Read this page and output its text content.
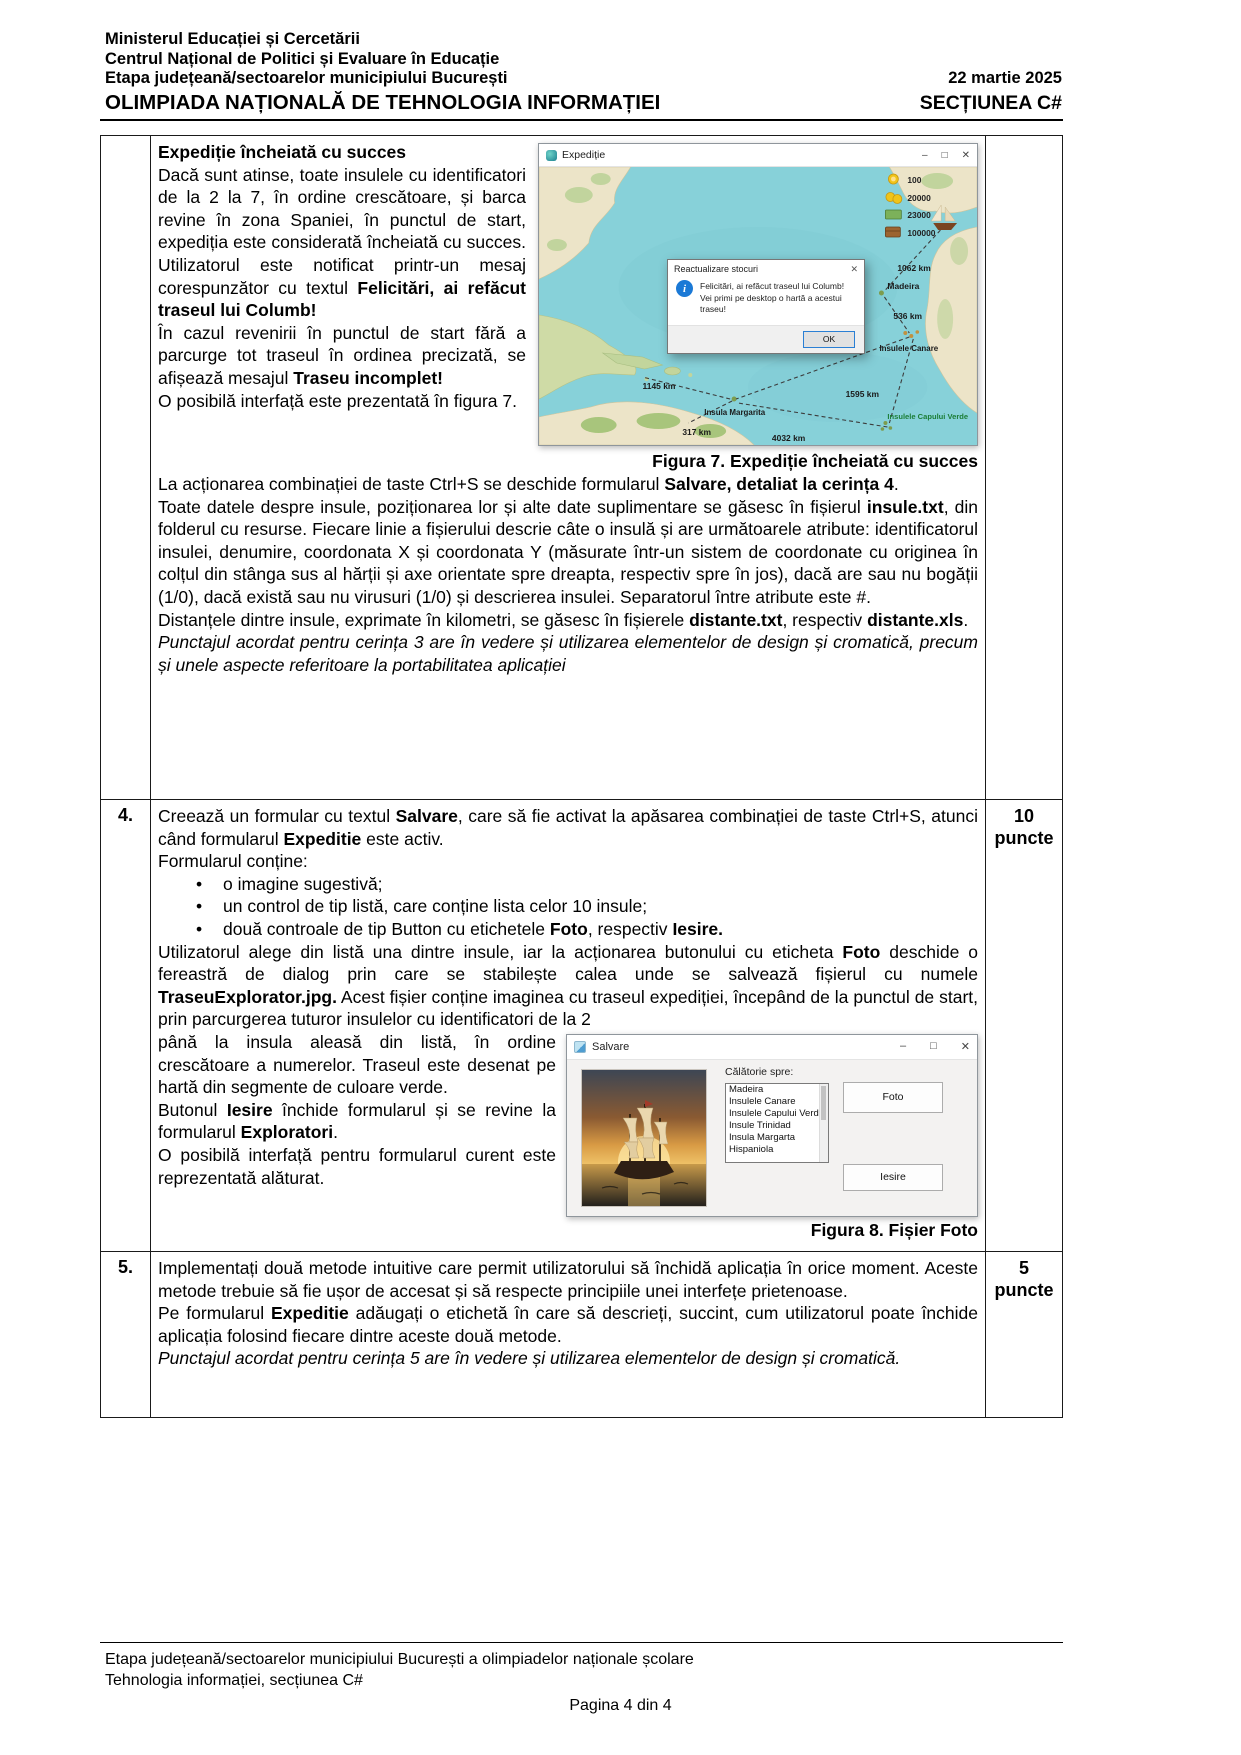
Ministerul Educației și Cercetării
Centrul Național de Politici și Evaluare în Educație
Etapa județeană/sectoarelor municipiului București	22 martie 2025
OLIMPIADA NAȚIONALĂ DE TEHNOLOGIA INFORMAȚIEI	SECȚIUNEA C#
Expediție	– □ ✕
100
20000
23000
100000
1062 km
Madeira
536 km
Insulele Canare
1145 km
1595 km
Insula Margarita
317 km
4032 km
Insulele Capului Verde
Reactualizare stocuri	✕
i	Felicitări, ai refăcut traseul lui Columb!
Vei primi pe desktop o hartă a acestui traseu!
OK

Expediție încheiată cu succes

Dacă sunt atinse, toate insulele cu identificatori de la 2 la 7, în ordine crescătoare, și barca revine în zona Spaniei, în punctul de start, expediția este considerată încheiată cu succes. Utilizatorul este notificat printr-un mesaj corespunzător cu textul Felicitări, ai refăcut traseul lui Columb!

În cazul revenirii în punctul de start fără a parcurge tot traseul în ordinea precizată, se afișează mesajul Traseu incomplet!

O posibilă interfață este prezentată în figura 7.

Figura 7. Expediție încheiată cu succes

La acționarea combinației de taste Ctrl+S se deschide formularul Salvare, detaliat la cerința 4.

Toate datele despre insule, poziționarea lor și alte date suplimentare se găsesc în fișierul insule.txt, din folderul cu resurse. Fiecare linie a fișierului descrie câte o insulă și are următoarele atribute: identificatorul insulei, denumire, coordonata X și coordonata Y (măsurate într-un sistem de coordonate cu originea în colțul din stânga sus al hărții și axe orientate spre dreapta, respectiv spre în jos), dacă are sau nu bogății (1/0), dacă există sau nu virusuri (1/0) și descrierea insulei. Separatorul între atribute este #.

Distanțele dintre insule, exprimate în kilometri, se găsesc în fișierele distante.txt, respectiv distante.xls.

Punctajul acordat pentru cerința 3 are în vedere și utilizarea elementelor de design și cromatică, precum și unele aspecte referitoare la portabilitatea aplicației

4.	Creează un formular cu textul Salvare, care să fie activat la apăsarea combinației de taste Ctrl+S, atunci când formularul Expeditie este activ.

Formularul conține:

•	o imagine sugestivă;
•	un control de tip listă, care conține lista celor 10 insule;
•	două controale de tip Button cu etichetele Foto, respectiv Iesire.

Utilizatorul alege din listă una dintre insule, iar la acționarea butonului cu eticheta Foto deschide o fereastră de dialog prin care se stabilește calea unde se salvează fișierul cu numele TraseuExplorator.jpg. Acest fișier conține imaginea cu traseul expediției, începând de la punctul de start, prin parcurgerea tuturor insulelor cu identificatori de la 2

Salvare	– □ ✕
Călătorie spre:
Madeira
Insulele Canare
Insulele Capului Verd
Insule Trinidad
Insula Margarta
Hispaniola
Foto
Iesire

până la insula aleasă din listă, în ordine crescătoare a numerelor. Traseul este desenat pe hartă din segmente de culoare verde.

Butonul Iesire închide formularul și se revine la formularul Exploratori.

O posibilă interfață pentru formularul curent este reprezentată alăturat.

Figura 8. Fișier Foto

10
puncte
5.	Implementați două metode intuitive care permit utilizatorului să închidă aplicația în orice moment. Aceste metode trebuie să fie ușor de accesat și să respecte principiile unei interfețe prietenoase.

Pe formularul Expeditie adăugați o etichetă în care să descrieți, succint, cum utilizatorul poate închide aplicația folosind fiecare dintre aceste două metode.

Punctajul acordat pentru cerința 5 are în vedere și utilizarea elementelor de design și cromatică.

5
puncte
Etapa județeană/sectoarelor municipiului București a olimpiadelor naționale școlare
Tehnologia informației, secțiunea C#
Pagina 4 din 4
